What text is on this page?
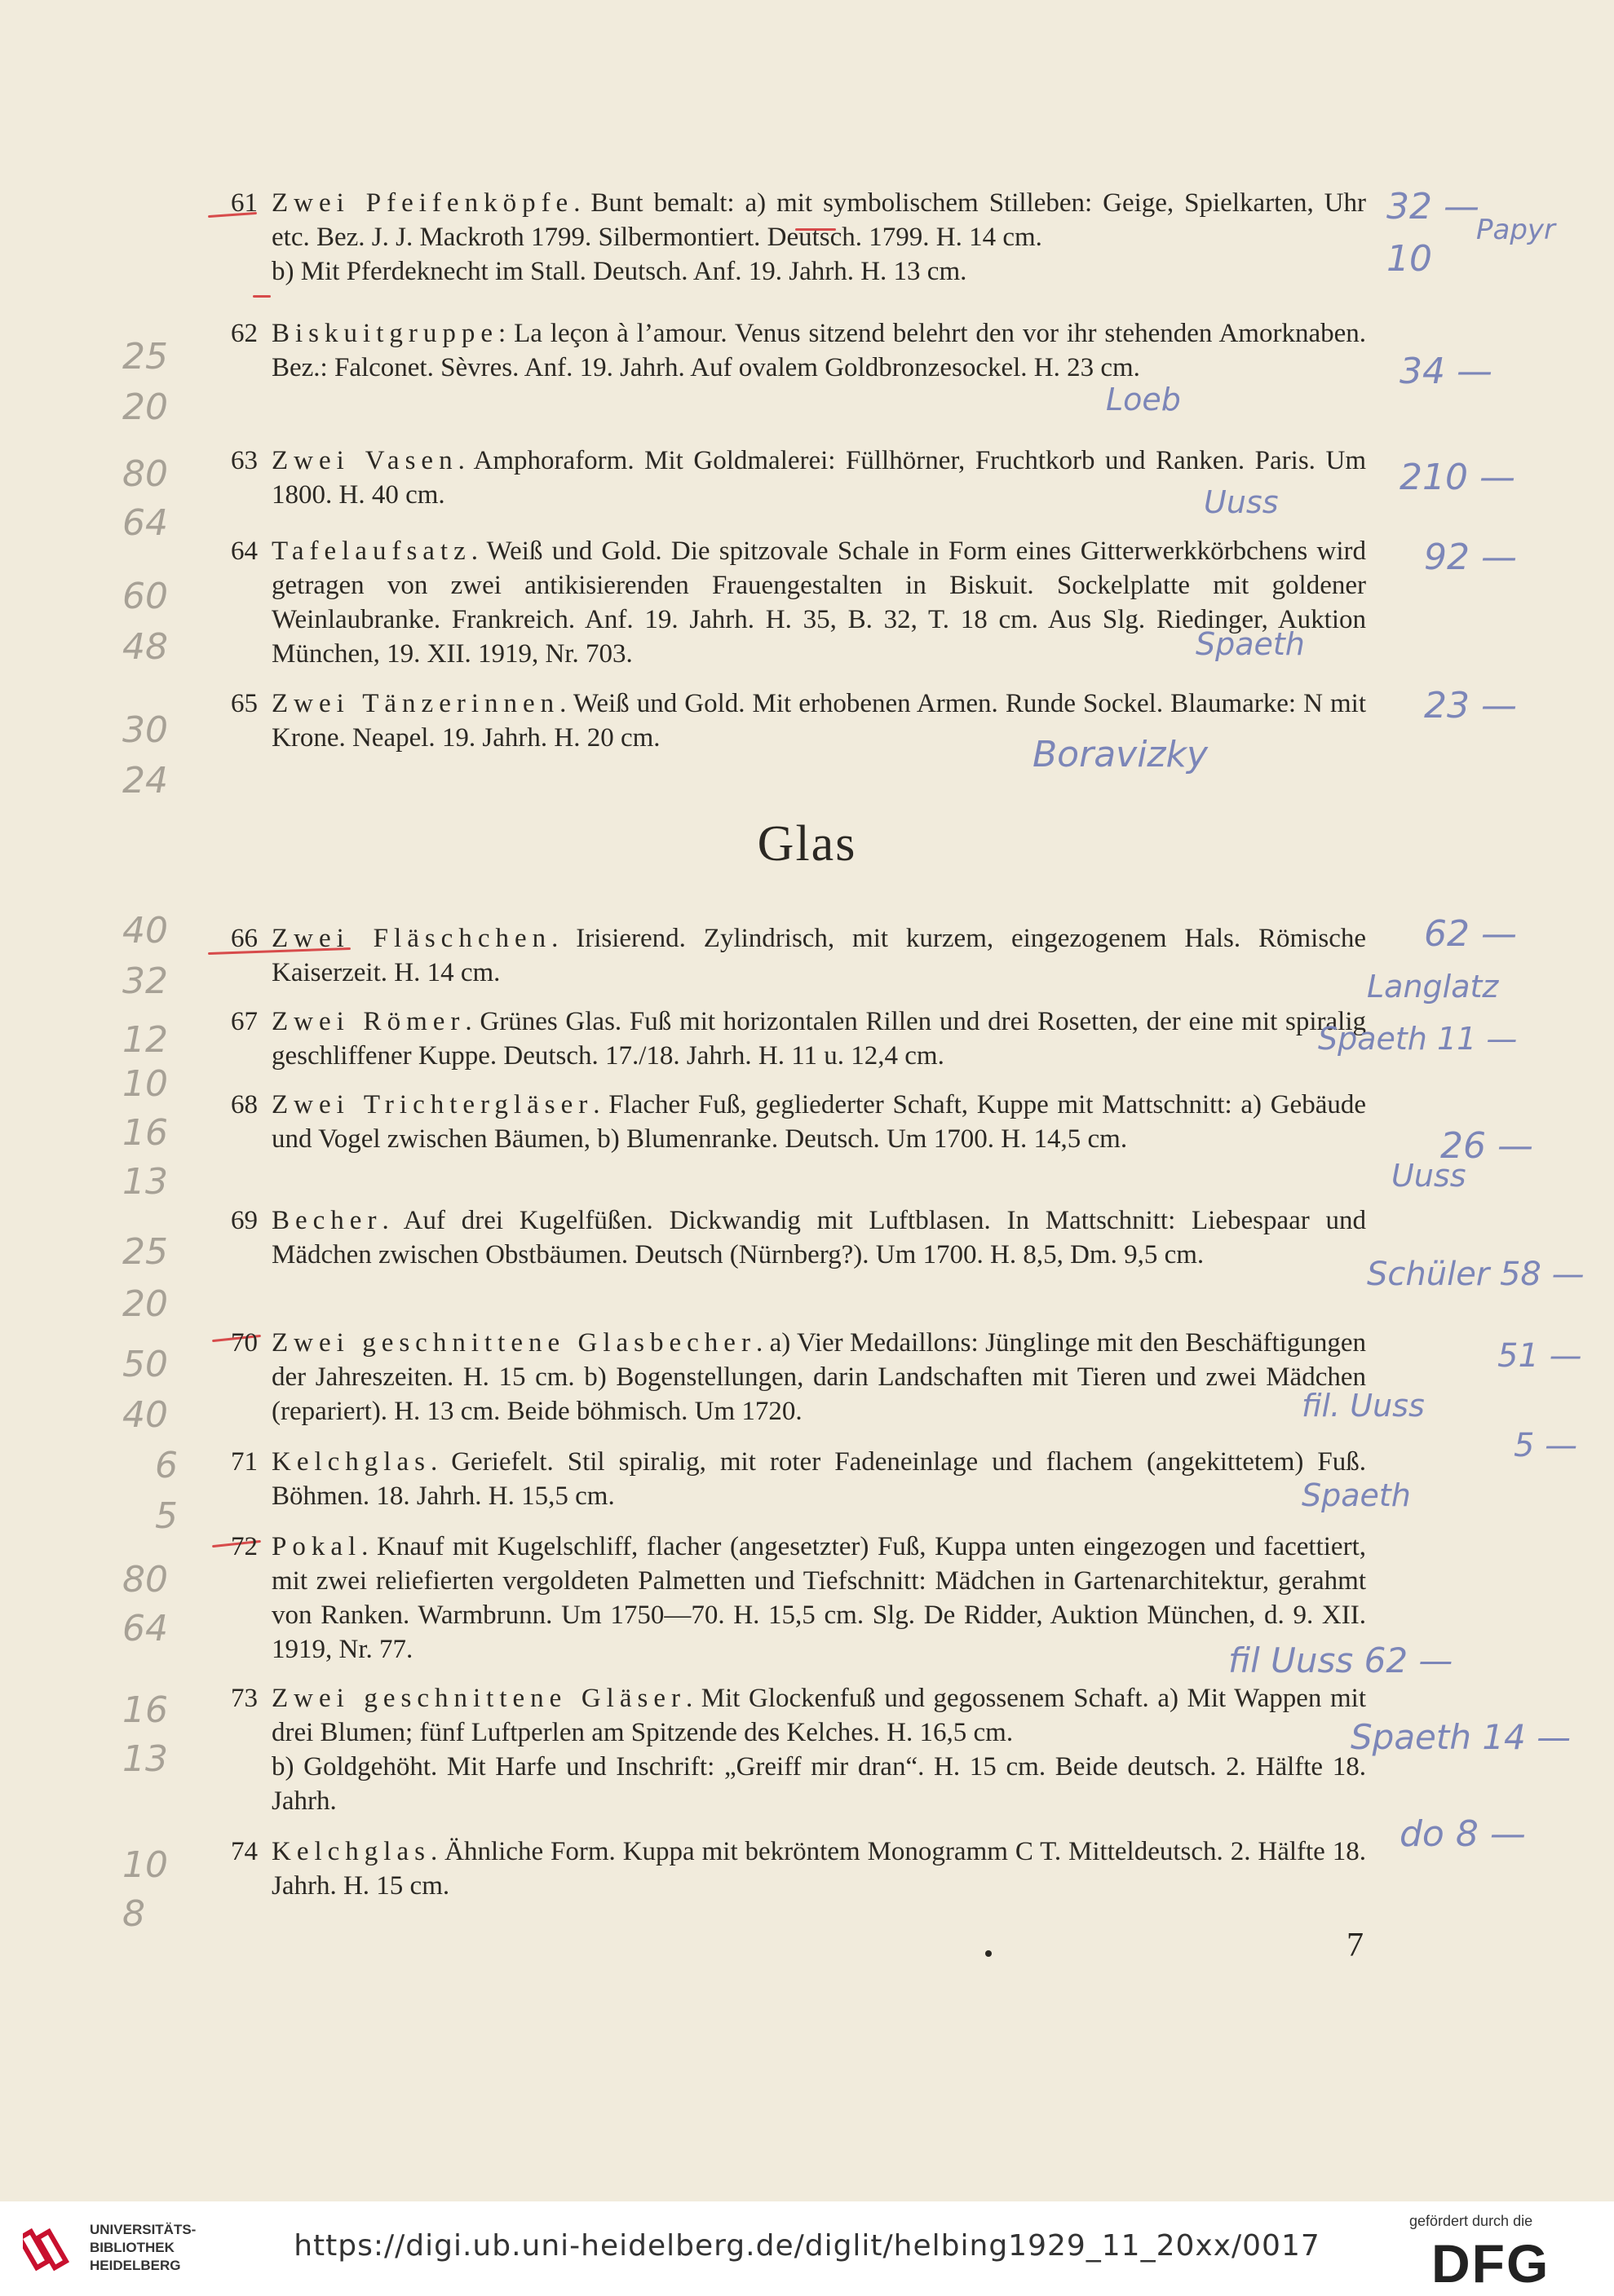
61 Zwei Pfeifenköpfe. Bunt bemalt: a) mit symbolischem Stilleben: Geige, Spielkarten, Uhr etc. Bez. J. J. Mackroth 1799. Silbermontiert. Deutsch. 1799. H. 14 cm.
b) Mit Pferdeknecht im Stall. Deutsch. Anf. 19. Jahrh. H. 13 cm.

62 Biskuitgruppe: La leçon à l’amour. Venus sitzend belehrt den vor ihr stehenden Amorknaben. Bez.: Falconet. Sèvres. Anf. 19. Jahrh. Auf ovalem Goldbronzesockel. H. 23 cm.

63 Zwei Vasen. Amphoraform. Mit Goldmalerei: Füllhörner, Fruchtkorb und Ranken. Paris. Um 1800. H. 40 cm.

64 Tafelaufsatz. Weiß und Gold. Die spitzovale Schale in Form eines Gitterwerkkörbchens wird getragen von zwei antikisierenden Frauengestalten in Biskuit. Sockelplatte mit goldener Weinlaubranke. Frankreich. Anf. 19. Jahrh. H. 35, B. 32, T. 18 cm. Aus Slg. Riedinger, Auktion München, 19. XII. 1919, Nr. 703.

65 Zwei Tänzerinnen. Weiß und Gold. Mit erhobenen Armen. Runde Sockel. Blaumarke: N mit Krone. Neapel. 19. Jahrh. H. 20 cm.

Glas
66 Zwei Fläschchen. Irisierend. Zylindrisch, mit kurzem, eingezogenem Hals. Römische Kaiserzeit. H. 14 cm.

67 Zwei Römer. Grünes Glas. Fuß mit horizontalen Rillen und drei Rosetten, der eine mit spiralig geschliffener Kuppe. Deutsch. 17./18. Jahrh. H. 11 u. 12,4 cm.

68 Zwei Trichtergläser. Flacher Fuß, gegliederter Schaft, Kuppe mit Mattschnitt: a) Gebäude und Vogel zwischen Bäumen, b) Blumenranke. Deutsch. Um 1700. H. 14,5 cm.

69 Becher. Auf drei Kugelfüßen. Dickwandig mit Luftblasen. In Mattschnitt: Liebespaar und Mädchen zwischen Obstbäumen. Deutsch (Nürnberg?). Um 1700. H. 8,5, Dm. 9,5 cm.

70 Zwei geschnittene Glasbecher. a) Vier Medaillons: Jünglinge mit den Beschäftigungen der Jahreszeiten. H. 15 cm. b) Bogenstellungen, darin Landschaften mit Tieren und zwei Mädchen (repariert). H. 13 cm. Beide böhmisch. Um 1720.

71 Kelchglas. Geriefelt. Stil spiralig, mit roter Fadeneinlage und flachem (angekittetem) Fuß. Böhmen. 18. Jahrh. H. 15,5 cm.

72 Pokal. Knauf mit Kugelschliff, flacher (angesetzter) Fuß, Kuppa unten eingezogen und facettiert, mit zwei reliefierten vergoldeten Palmetten und Tiefschnitt: Mädchen in Gartenarchitektur, gerahmt von Ranken. Warmbrunn. Um 1750—70. H. 15,5 cm. Slg. De Ridder, Auktion München, d. 9. XII. 1919, Nr. 77.

73 Zwei geschnittene Gläser. Mit Glockenfuß und gegossenem Schaft. a) Mit Wappen mit drei Blumen; fünf Luftperlen am Spitzende des Kelches. H. 16,5 cm.
b) Goldgehöht. Mit Harfe und Inschrift: „Greiff mir dran“. H. 15 cm. Beide deutsch. 2. Hälfte 18. Jahrh.

74 Kelchglas. Ähnliche Form. Kuppa mit bekröntem Monogramm C T. Mitteldeutsch. 2. Hälfte 18. Jahrh. H. 15 cm.

7
32 —
10
Papyr
34 —
Loeb
210 —
Uuss
92 —
Spaeth
23 —
Boravizky
62 —
Langlatz
Spaeth 11 —
26 —
Uuss
Schüler 58 —
51 —
fil. Uuss
5 —
Spaeth
fil Uuss 62 —
Spaeth 14 —
do 8 —
25
20
80
64
60
48
30
24
40
32
12
10
16
13
25
20
50
40
6
5
80
64
16
13
10
8
UNIVERSITÄTS-
BIBLIOTHEK
HEIDELBERG
https://digi.ub.uni-heidelberg.de/diglit/helbing1929_11_20xx/0017
gefördert durch die
DFG
